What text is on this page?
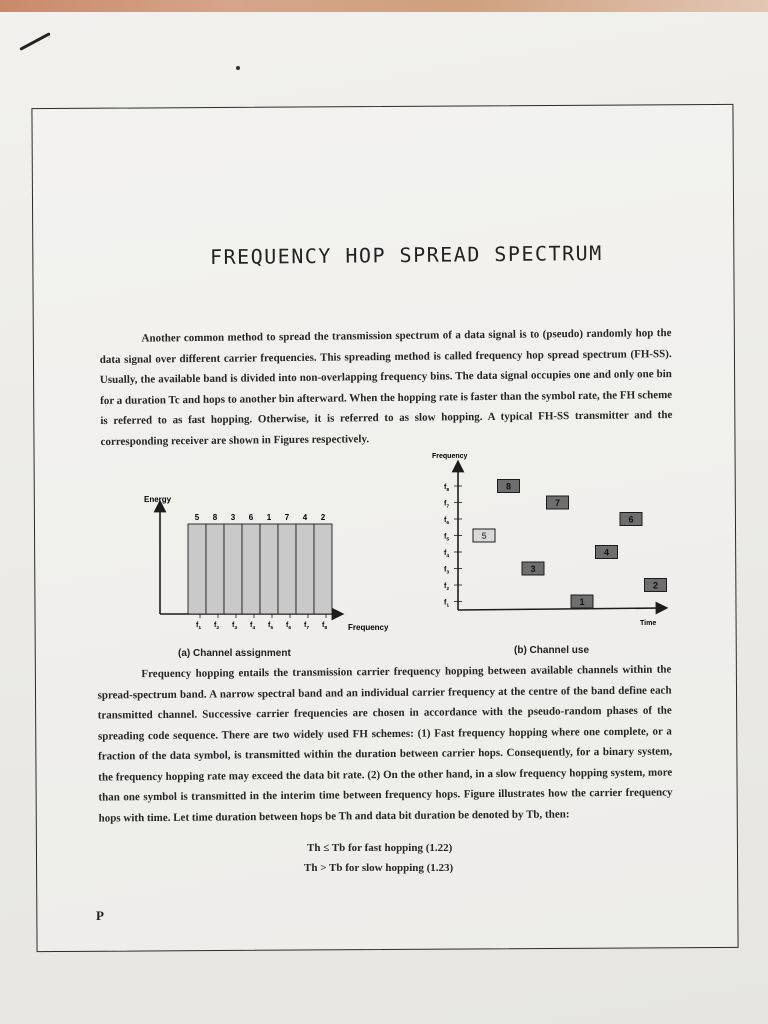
FREQUENCY HOP SPREAD SPECTRUM
Another common method to spread the transmission spectrum of a data signal is to (pseudo) randomly hop the data signal over different carrier frequencies. This spreading method is called frequency hop spread spectrum (FH-SS). Usually, the available band is divided into non-overlapping frequency bins. The data signal occupies one and only one bin for a duration Tc and hops to another bin afterward. When the hopping rate is faster than the symbol rate, the FH scheme is referred to as fast hopping. Otherwise, it is referred to as slow hopping. A typical FH-SS transmitter and the corresponding receiver are shown in Figures respectively.
Energy
Frequency
5
$f_1$
8
$f_2$
3
$f_3$
6
$f_4$
1
$f_5$
7
$f_6$
4
$f_7$
2
$f_8$
(a) Channel assignment
Frequency
Time
$f_8$
$f_7$
$f_6$
$f_5$
$f_4$
$f_3$
$f_2$
$f_1$
5
8
3
7
1
4
6
2
(b) Channel use
Frequency hopping entails the transmission carrier frequency hopping between available channels within the spread-spectrum band. A narrow spectral band and an individual carrier frequency at the centre of the band define each transmitted channel. Successive carrier frequencies are chosen in accordance with the pseudo-random phases of the spreading code sequence. There are two widely used FH schemes: (1) Fast frequency hopping where one complete, or a fraction of the data symbol, is transmitted within the duration between carrier hops. Consequently, for a binary system, the frequency hopping rate may exceed the data bit rate. (2) On the other hand, in a slow frequency hopping system, more than one symbol is transmitted in the interim time between frequency hops. Figure illustrates how the carrier frequency hops with time. Let time duration between hops be Th and data bit duration be denoted by Tb, then:
Th ≤ Tb for fast hopping (1.22)
Th > Tb for slow hopping (1.23)
P
